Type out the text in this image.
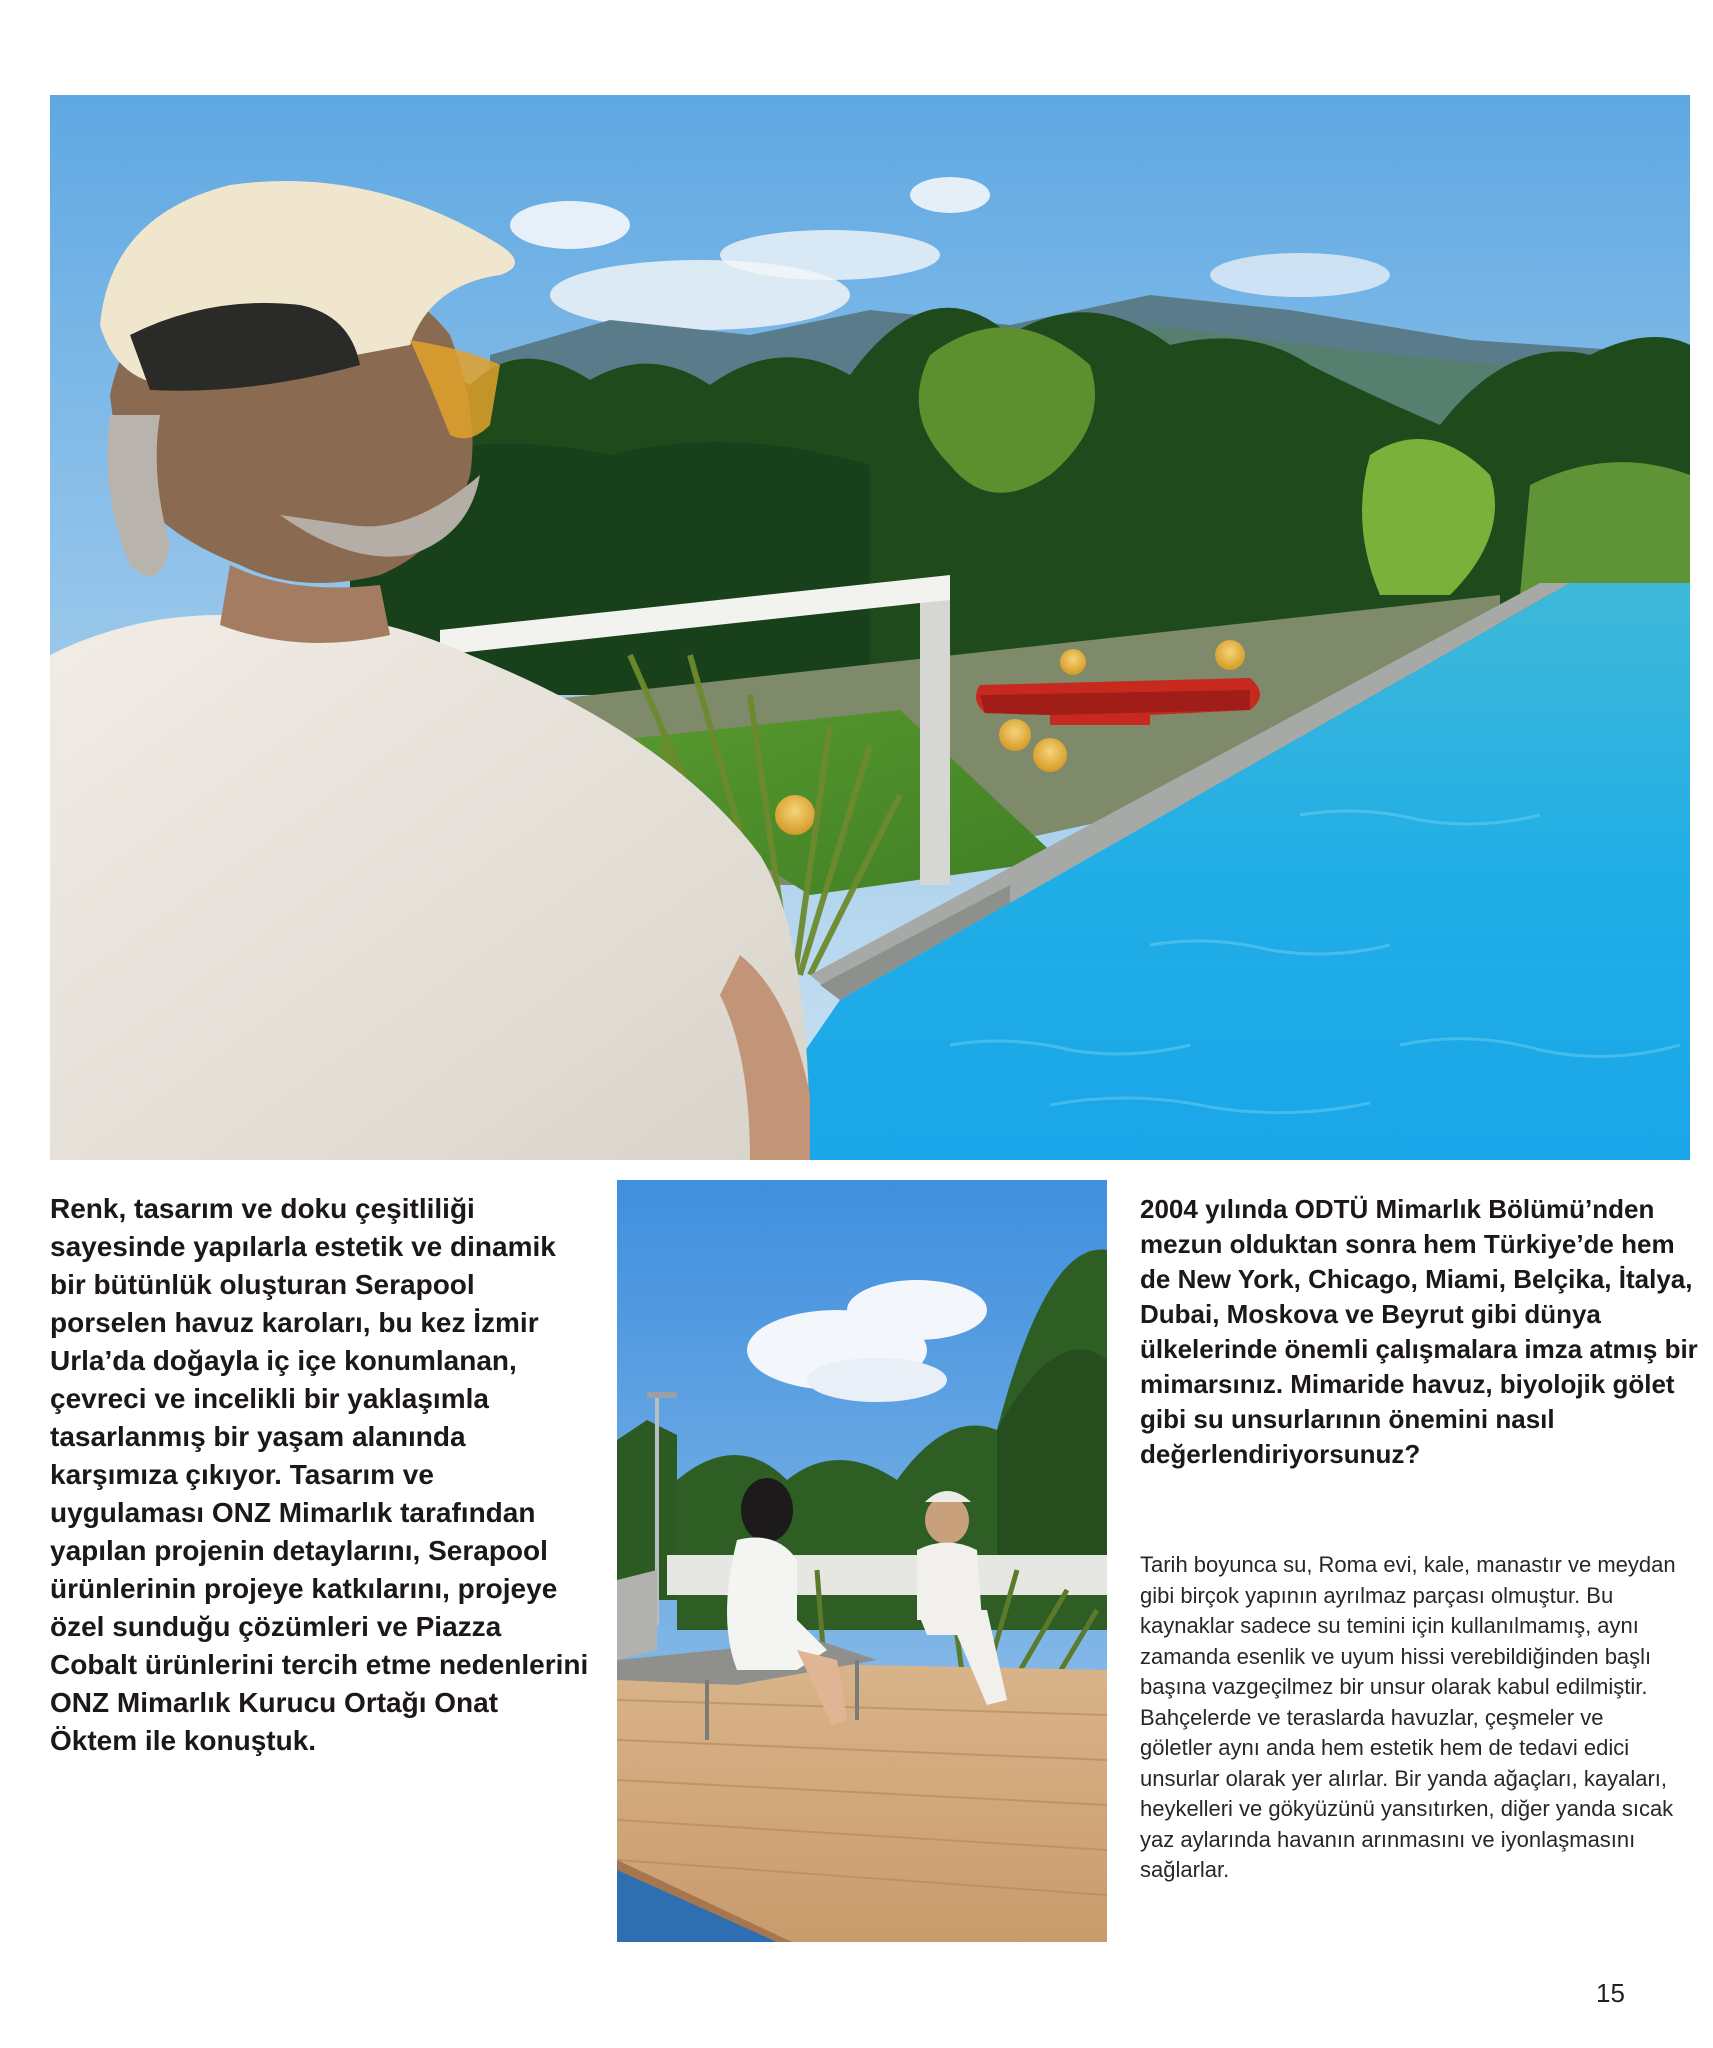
Renk, tasarım ve doku çeşitliliği sayesinde yapılarla estetik ve dinamik bir bütünlük oluşturan Serapool porselen havuz karoları, bu kez İzmir Urla’da doğayla iç içe konumlanan, çevreci ve incelikli bir yaklaşımla tasarlanmış bir yaşam alanında karşımıza çıkıyor. Tasarım ve uygulaması ONZ Mimarlık tarafından yapılan projenin detaylarını, Serapool ürünlerinin projeye katkılarını, projeye özel sunduğu çözümleri ve Piazza Cobalt ürünlerini tercih etme nedenlerini ONZ Mimarlık Kurucu Ortağı Onat Öktem ile konuştuk.

2004 yılında ODTÜ Mimarlık Bölümü’nden mezun olduktan sonra hem Türkiye’de hem de New York, Chicago, Miami, Belçika, İtalya, Dubai, Moskova ve Beyrut gibi dünya ülkelerinde önemli çalışmalara imza atmış bir mimarsınız. Mimaride havuz, biyolojik gölet gibi su unsurlarının önemini nasıl değerlendiriyorsunuz?

Tarih boyunca su, Roma evi, kale, manastır ve meydan gibi birçok yapının ayrılmaz parçası olmuştur. Bu kaynaklar sadece su temini için kullanılmamış, aynı zamanda esenlik ve uyum hissi verebildiğinden başlı başına vazgeçilmez bir unsur olarak kabul edilmiştir. Bahçelerde ve teraslarda havuzlar, çeşmeler ve göletler aynı anda hem estetik hem de tedavi edici unsurlar olarak yer alırlar. Bir yanda ağaçları, kayaları, heykelleri ve gökyüzünü yansıtırken, diğer yanda sıcak yaz aylarında havanın arınmasını ve iyonlaşmasını sağlarlar.

15
